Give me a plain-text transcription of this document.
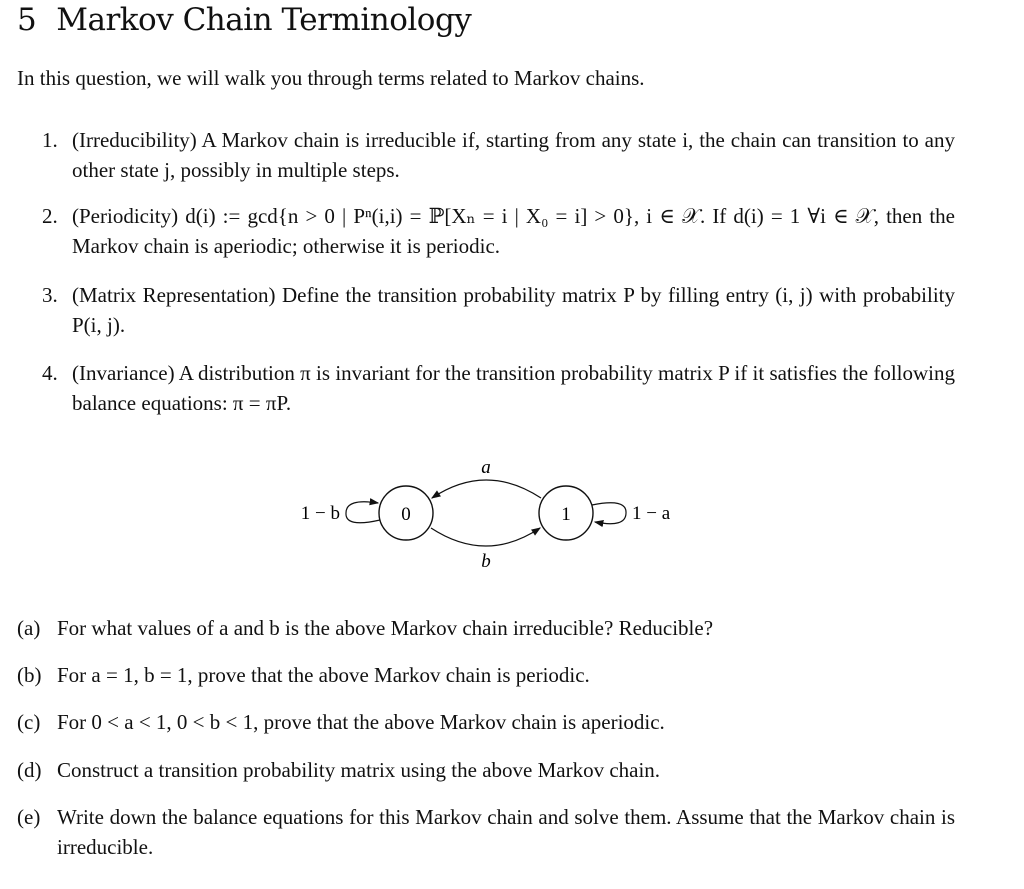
5 Markov Chain Terminology
In this question, we will walk you through terms related to Markov chains.
1. (Irreducibility) A Markov chain is irreducible if, starting from any state i, the chain can transition to any other state j, possibly in multiple steps.
2. (Periodicity) d(i) := gcd{n > 0 | Pⁿ(i,i) = ℙ[Xₙ = i | X₀ = i] > 0}, i ∈ 𝒳. If d(i) = 1 ∀i ∈ 𝒳, then the Markov chain is aperiodic; otherwise it is periodic.
3. (Matrix Representation) Define the transition probability matrix P by filling entry (i, j) with probability P(i, j).
4. (Invariance) A distribution π is invariant for the transition probability matrix P if it satisfies the following balance equations: π = πP.
0	1
a
b
1 − b	1 − a
(a) For what values of a and b is the above Markov chain irreducible? Reducible?
(b) For a = 1, b = 1, prove that the above Markov chain is periodic.
(c) For 0 < a < 1, 0 < b < 1, prove that the above Markov chain is aperiodic.
(d) Construct a transition probability matrix using the above Markov chain.
(e) Write down the balance equations for this Markov chain and solve them. Assume that the Markov chain is irreducible.
